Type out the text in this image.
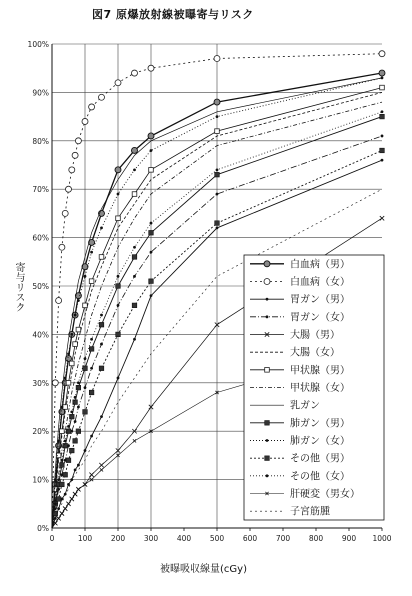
図7 原爆放射線被曝寄与リスク
寄与リスク
被曝吸収線量(cGy)
0%
10%
20%
30%
40%
50%
60%
70%
80%
90%
100%
0	100 200 300 400 500 600 700 800 900 1000
白血病（男）
白血病（女）
胃ガン（男）
胃ガン（女）
大腸（男）
大腸（女）
甲状腺（男）
甲状腺（女）
乳ガン
肺ガン（男）
肺ガン（女）
その他（男）
その他（女）
肝硬変（男女）
子宮筋腫
